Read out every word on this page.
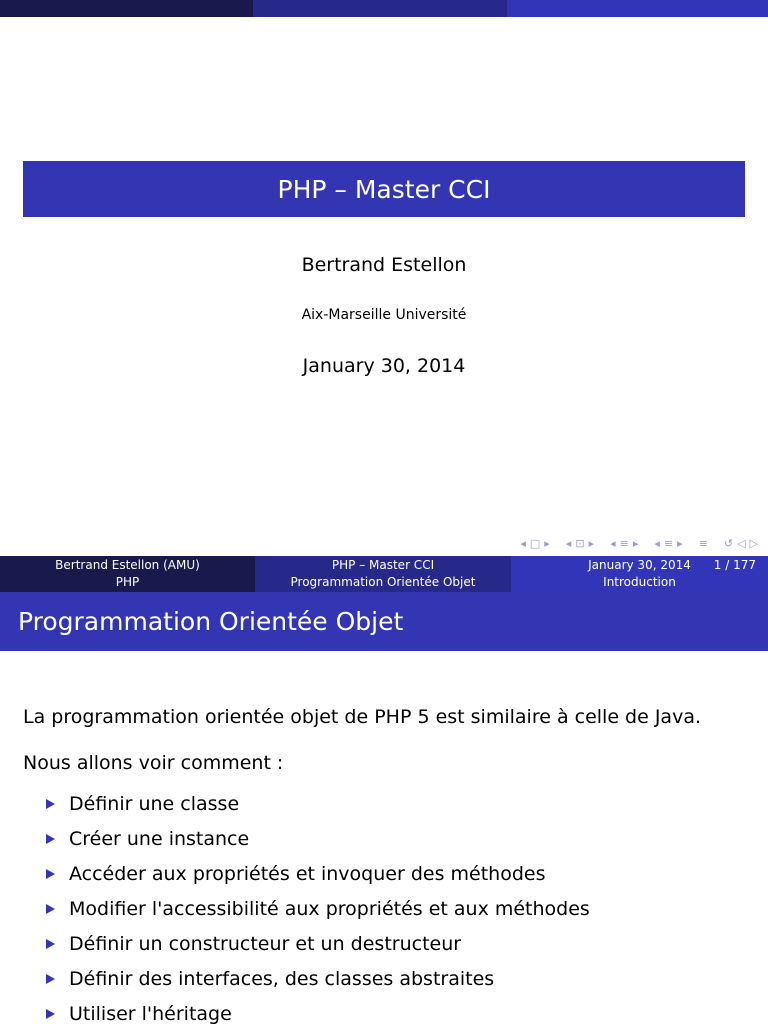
PHP – Master CCI
Bertrand Estellon
Aix-Marseille Université
January 30, 2014
◂ □ ▸ ◂ ⊡ ▸ ◂ ≡ ▸ ◂ ≡ ▸ ≡ ↺ ◁ ▷
Bertrand Estellon (AMU)
PHP
PHP – Master CCI
Programmation Orientée Objet
January 30, 2014
Introduction
1 / 177
Programmation Orientée Objet
La programmation orientée objet de PHP 5 est similaire à celle de Java.
Nous allons voir comment :
Définir une classe
Créer une instance
Accéder aux propriétés et invoquer des méthodes
Modifier l'accessibilité aux propriétés et aux méthodes
Définir un constructeur et un destructeur
Définir des interfaces, des classes abstraites
Utiliser l'héritage
